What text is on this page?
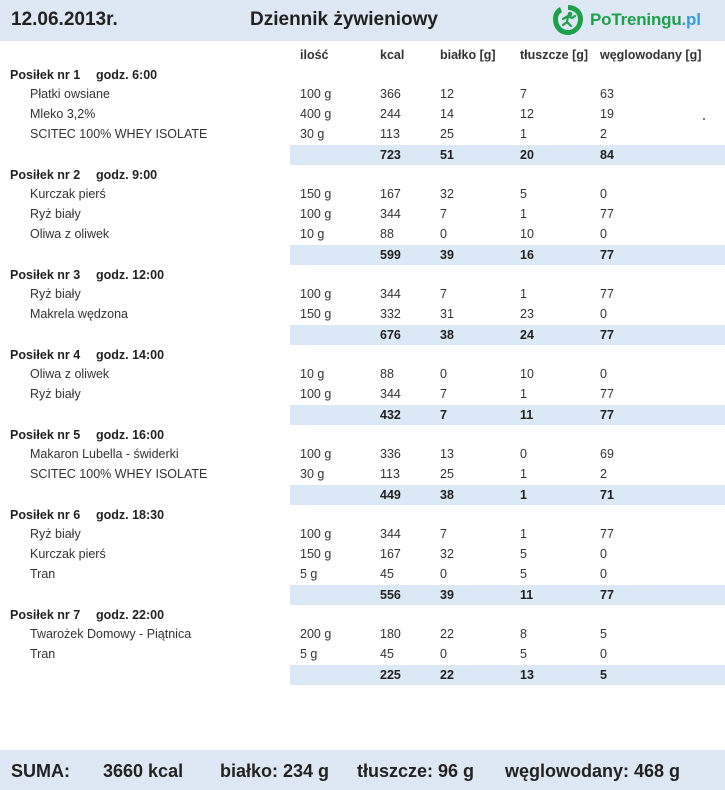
12.06.2013r.	Dziennik żywieniowy	PoTreningu.pl
ilość	kcal	białko [g] tłuszcze [g] węglowodany [g]
Posiłek nr 1 godz. 6:00
Płatki owsiane	100 g	366	12	7	63
Mleko 3,2%	400 g	244	14	12	19
SCITEC 100% WHEY ISOLATE	30 g	113	25	1	2
723	51	20	84
Posiłek nr 2 godz. 9:00
Kurczak pierś	150 g	167	32	5	0
Ryż biały	100 g	344	7	1	77
Oliwa z oliwek	10 g	88	0	10	0
599	39	16	77
Posiłek nr 3 godz. 12:00
Ryż biały	100 g	344	7	1	77
Makrela wędzona	150 g	332	31	23	0
676	38	24	77
Posiłek nr 4 godz. 14:00
Oliwa z oliwek	10 g	88	0	10	0
Ryż biały	100 g	344	7	1	77
432	7	11	77
Posiłek nr 5 godz. 16:00
Makaron Lubella - świderki	100 g	336	13	0	69
SCITEC 100% WHEY ISOLATE	30 g	113	25	1	2
449	38	1	71
Posiłek nr 6 godz. 18:30
Ryż biały	100 g	344	7	1	77
Kurczak pierś	150 g	167	32	5	0
Tran	5 g	45	0	5	0
556	39	11	77
Posiłek nr 7 godz. 22:00
Twarożek Domowy - Piątnica	200 g	180	22	8	5
Tran	5 g	45	0	5	0
225	22	13	5
SUMA: 3660 kcal białko: 234 g tłuszcze: 96 g węglowodany: 468 g
